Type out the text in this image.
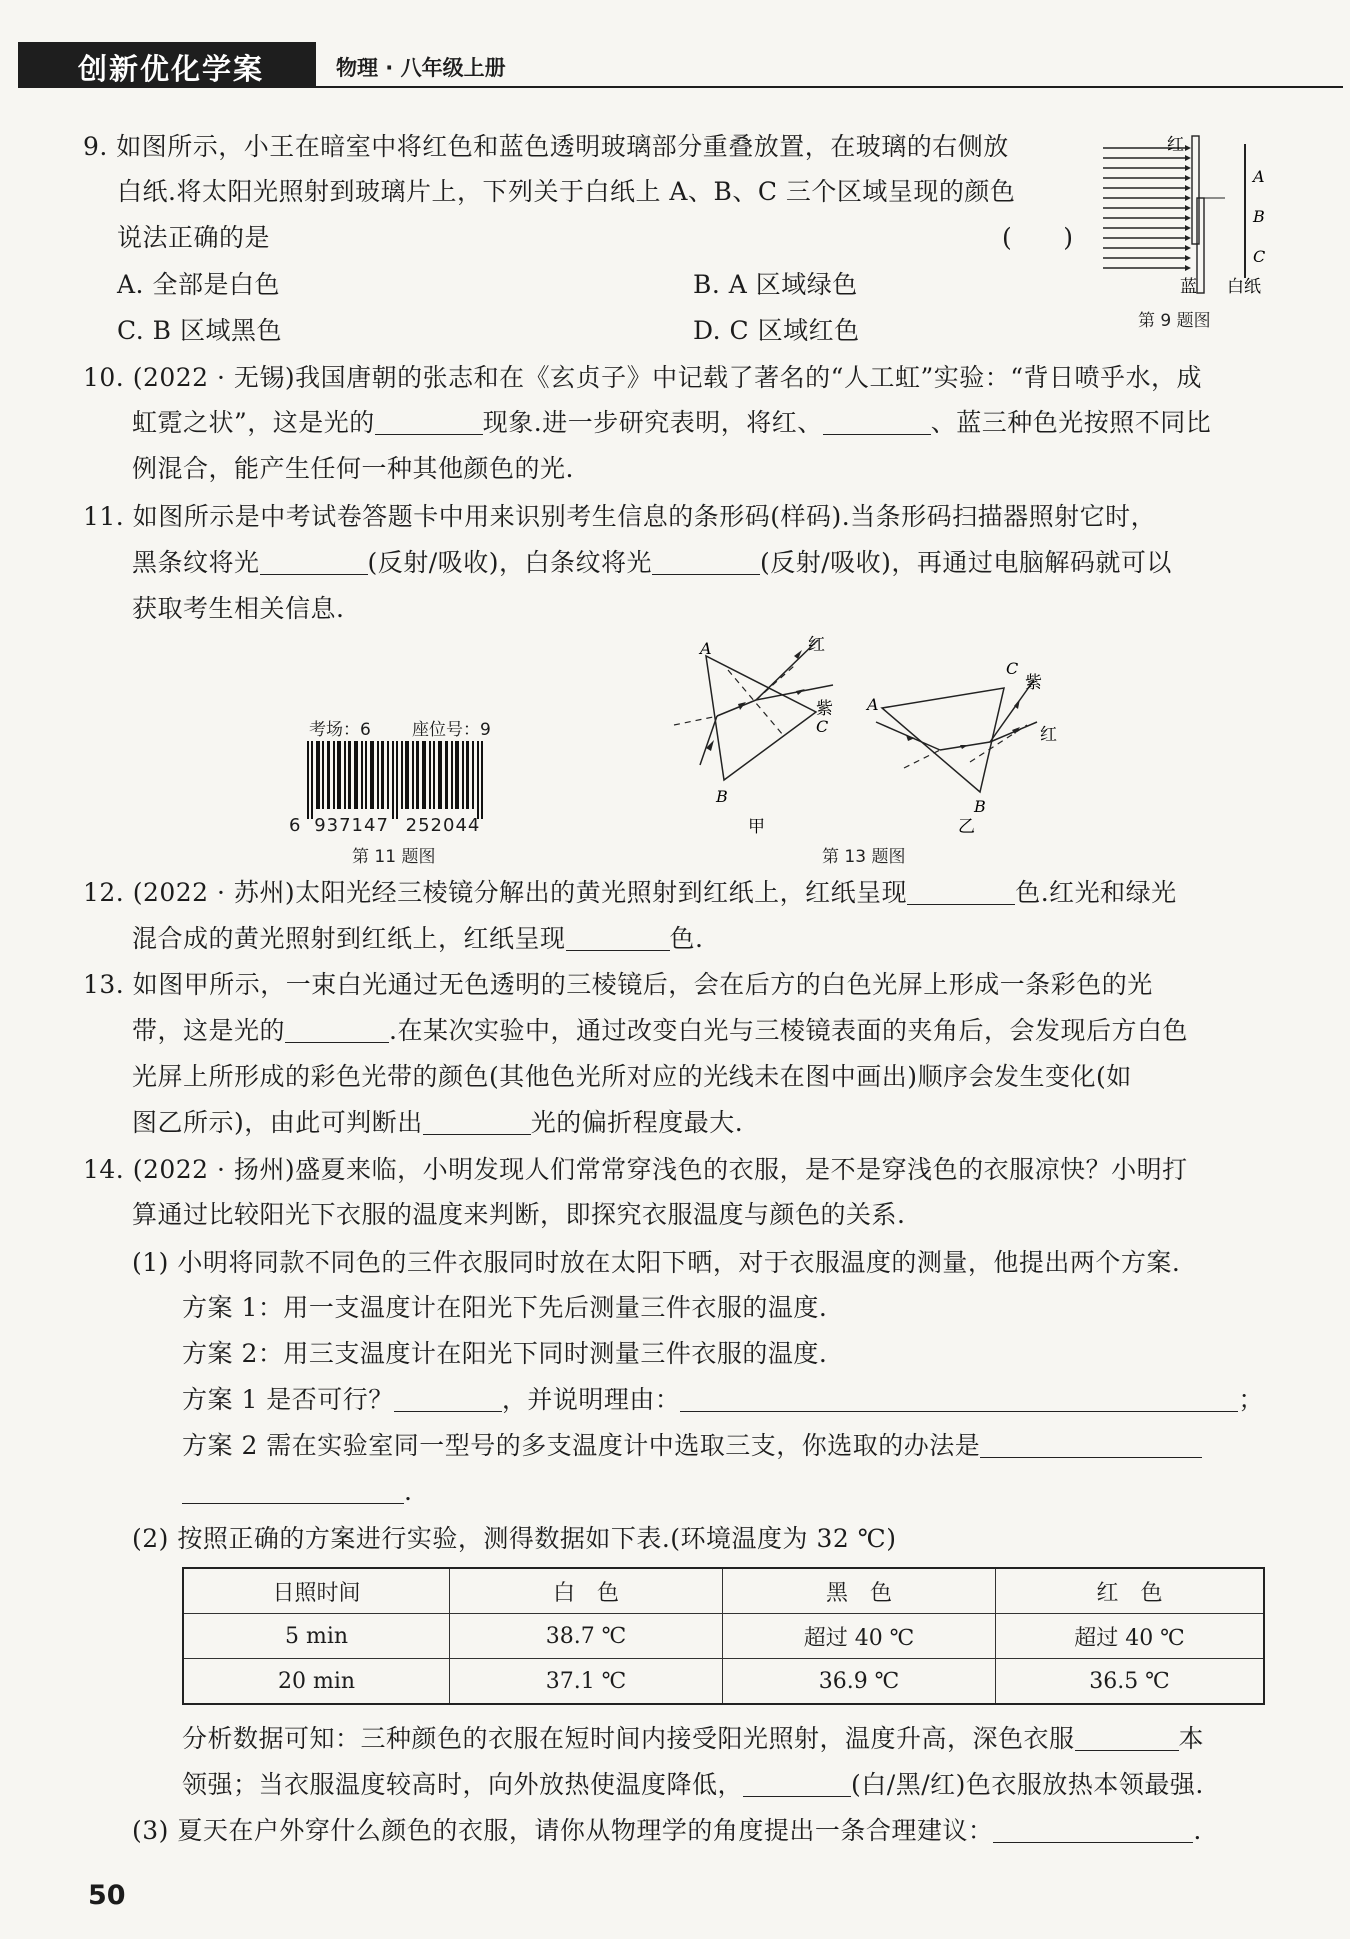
创新优化学案	物理 · 八年级上册
9. 如图所示，小王在暗室中将红色和蓝色透明玻璃部分重叠放置，在玻璃的右侧放
白纸.将太阳光照射到玻璃片上，下列关于白纸上 A、B、C 三个区域呈现的颜色
说法正确的是	(　　)
A. 全部是白色	B. A 区域绿色
C. B 区域黑色	D. C 区域红色
红
蓝 白纸
A
B
C
第 9 题图
10. (2022 · 无锡)我国唐朝的张志和在《玄贞子》中记载了著名的“人工虹”实验：“背日喷乎水，成
虹霓之状”，这是光的	现象.进一步研究表明，将红、	、蓝三种色光按照不同比
例混合，能产生任何一种其他颜色的光.
11. 如图所示是中考试卷答题卡中用来识别考生信息的条形码(样码).当条形码扫描器照射它时，
黑条纹将光	(反射/吸收)，白条纹将光	(反射/吸收)，再通过电脑解码就可以
获取考生相关信息.
考场：6 座位号：9
6 937147 252044
第 11 题图
A
B
C
红
紫
甲
A
B
C
红
紫
乙
第 13 题图
12. (2022 · 苏州)太阳光经三棱镜分解出的黄光照射到红纸上，红纸呈现	色.红光和绿光
混合成的黄光照射到红纸上，红纸呈现	色.
13. 如图甲所示，一束白光通过无色透明的三棱镜后，会在后方的白色光屏上形成一条彩色的光
带，这是光的	.在某次实验中，通过改变白光与三棱镜表面的夹角后，会发现后方白色
光屏上所形成的彩色光带的颜色(其他色光所对应的光线未在图中画出)顺序会发生变化(如
图乙所示)，由此可判断出	光的偏折程度最大.
14. (2022 · 扬州)盛夏来临，小明发现人们常常穿浅色的衣服，是不是穿浅色的衣服凉快？小明打
算通过比较阳光下衣服的温度来判断，即探究衣服温度与颜色的关系.
(1) 小明将同款不同色的三件衣服同时放在太阳下晒，对于衣服温度的测量，他提出两个方案.
方案 1：用一支温度计在阳光下先后测量三件衣服的温度.
方案 2：用三支温度计在阳光下同时测量三件衣服的温度.
方案 1 是否可行？	，并说明理由：	；
方案 2 需在实验室同一型号的多支温度计中选取三支，你选取的办法是
.
(2) 按照正确的方案进行实验，测得数据如下表.(环境温度为 32 ℃)
日照时间	白　色	黑　色	红　色
5 min	38.7 ℃	超过 40 ℃	超过 40 ℃
20 min	37.1 ℃	36.9 ℃	36.5 ℃
分析数据可知：三种颜色的衣服在短时间内接受阳光照射，温度升高，深色衣服	本
领强；当衣服温度较高时，向外放热使温度降低，	(白/黑/红)色衣服放热本领最强.
(3) 夏天在户外穿什么颜色的衣服，请你从物理学的角度提出一条合理建议：	.
50
